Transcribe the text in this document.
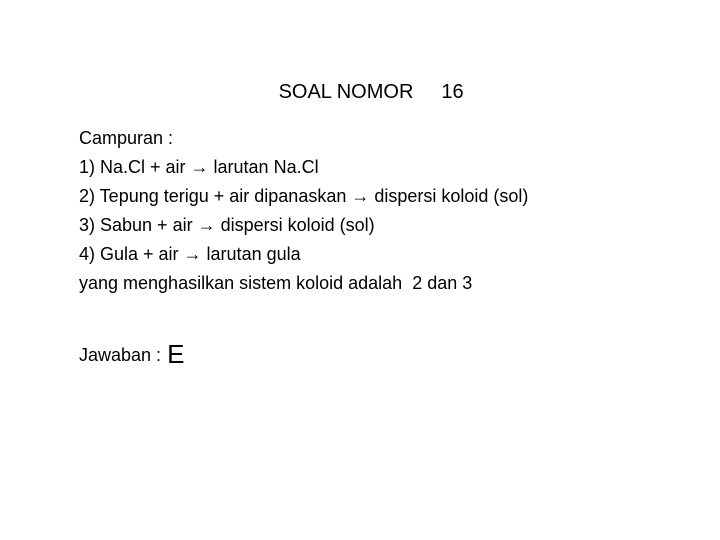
SOAL NOMOR 16

Campuran :
1) Na.Cl + air → larutan Na.Cl
2) Tepung terigu + air dipanaskan → dispersi koloid (sol)
3) Sabun + air → dispersi koloid (sol)
4) Gula + air → larutan gula
yang menghasilkan sistem koloid adalah 2 dan 3
Jawaban : E
